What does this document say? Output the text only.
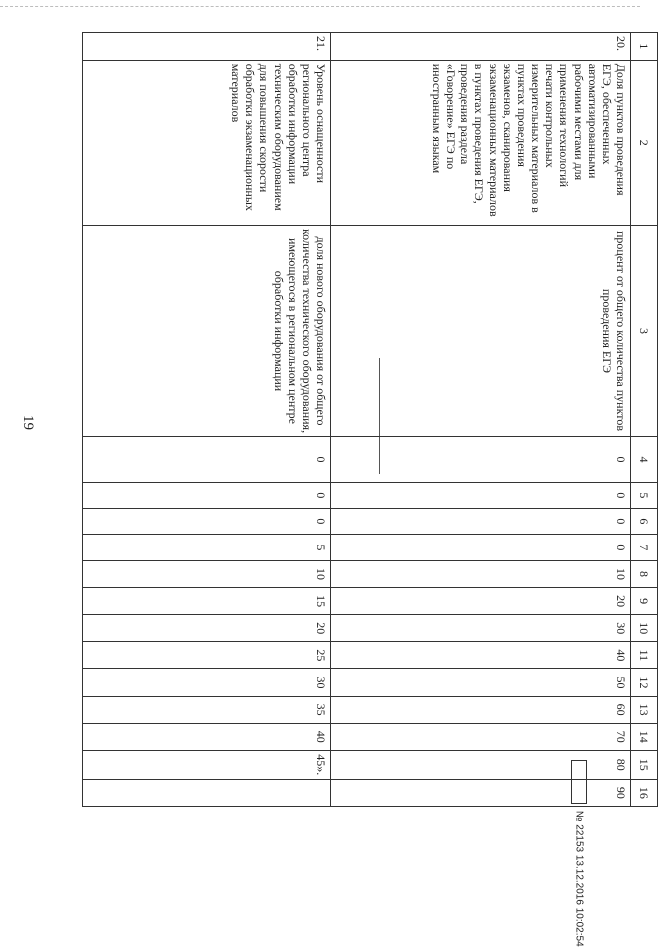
19
1	2	3	4	5	6	7	8	9	10	11	12	13	14	15	16
20.	Доля пунктов проведения ЕГЭ, обеспеченных автоматизированными рабочими местами для применения технологий печати контрольных измерительных материалов в пунктах проведения экзаменов, сканирования экзаменационных материалов в пунктах проведения ЕГЭ, проведения раздела «Говорение» ЕГЭ по иностранным языкам	процент от общего количества пунктов проведения ЕГЭ	0	0	0	0	10	20	30	40	50	60	70	80	90
21.	Уровень оснащенности регионального центра обработки информации техническим оборудованием для повышения скорости обработки экзаменационных материалов	доля нового оборудования от общего количества технического оборудования, имеющегося в региональном центре обработки информации	0	0	0	5	10	15	20	25	30	35	40	45».	
№ 22153 13.12.2016 10:02:54
